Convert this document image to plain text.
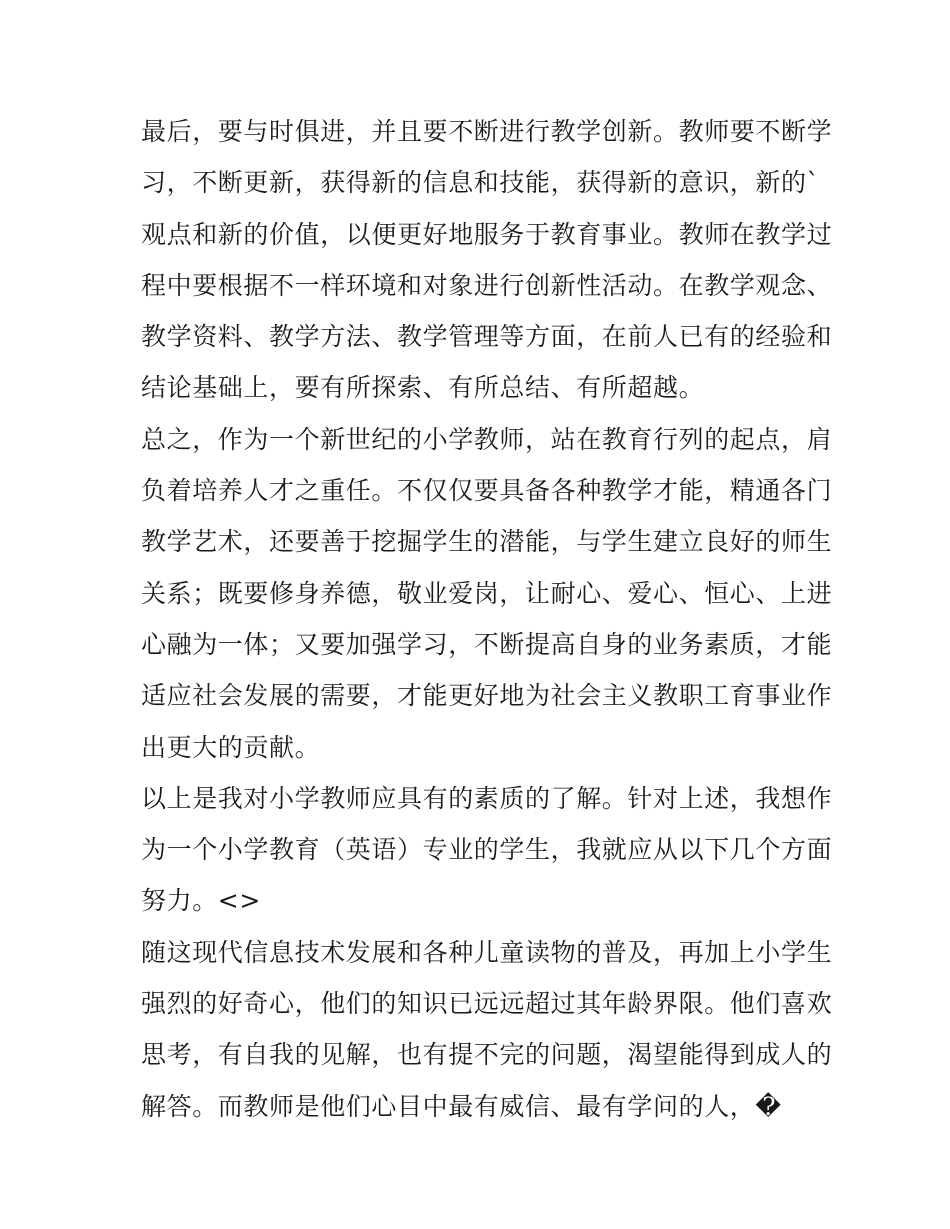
最后，要与时俱进，并且要不断进行教学创新。教师要不断学
习，不断更新，获得新的信息和技能，获得新的意识，新的`
观点和新的价值，以便更好地服务于教育事业。教师在教学过
程中要根据不一样环境和对象进行创新性活动。在教学观念、
教学资料、教学方法、教学管理等方面，在前人已有的经验和
结论基础上，要有所探索、有所总结、有所超越。
总之，作为一个新世纪的小学教师，站在教育行列的起点，肩
负着培养人才之重任。不仅仅要具备各种教学才能，精通各门
教学艺术，还要善于挖掘学生的潜能，与学生建立良好的师生
关系；既要修身养德，敬业爱岗，让耐心、爱心、恒心、上进
心融为一体；又要加强学习，不断提高自身的业务素质，才能
适应社会发展的需要，才能更好地为社会主义教职工育事业作
出更大的贡献。
以上是我对小学教师应具有的素质的了解。针对上述，我想作
为一个小学教育（英语）专业的学生，我就应从以下几个方面
努力。<>
随这现代信息技术发展和各种儿童读物的普及，再加上小学生
强烈的好奇心，他们的知识已远远超过其年龄界限。他们喜欢
思考，有自我的见解，也有提不完的问题，渴望能得到成人的
解答。而教师是他们心目中最有威信、最有学问的人，�
